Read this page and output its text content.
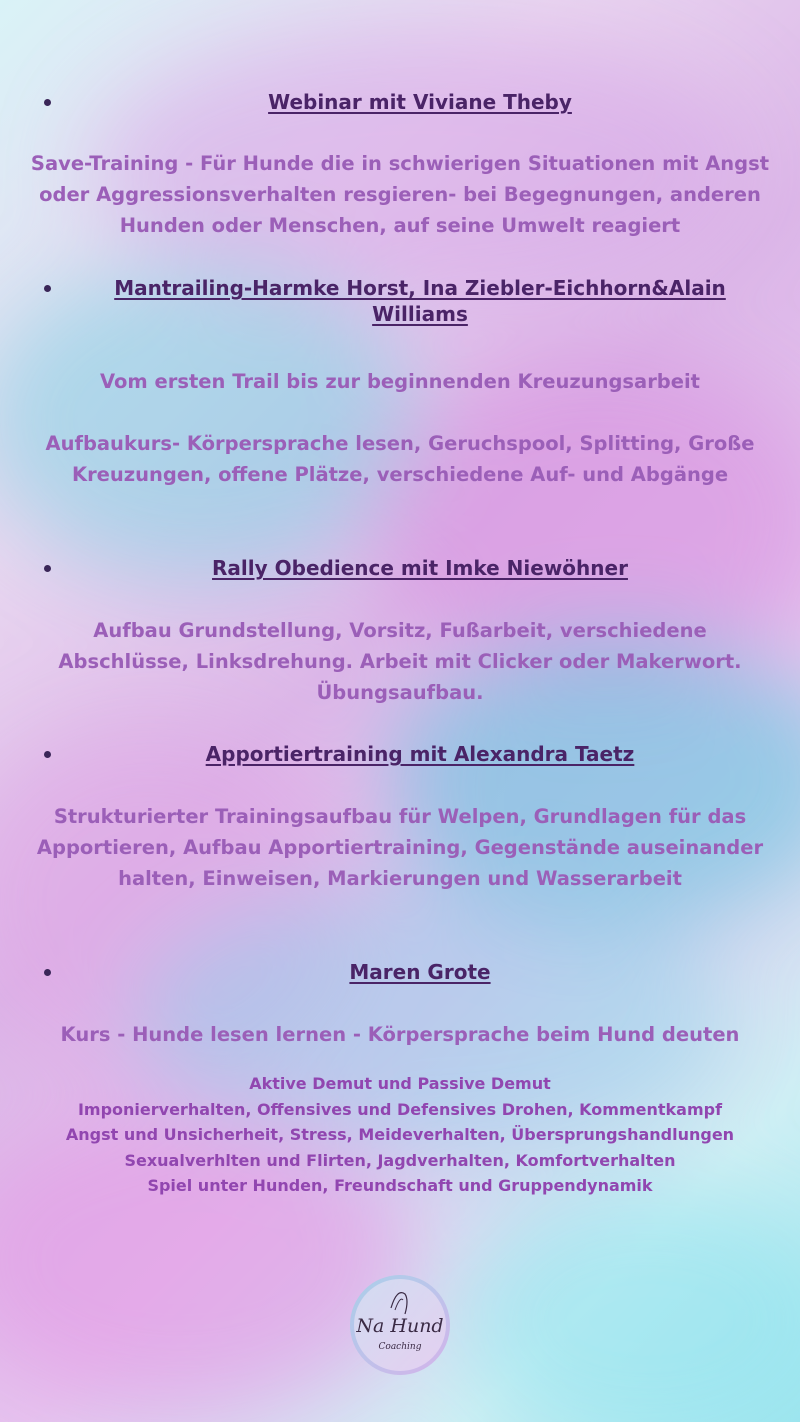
Webinar mit Viviane Theby
Save-Training - Für Hunde die in schwierigen Situationen mit Angst oder Aggressionsverhalten resgieren- bei Begegnungen, anderen Hunden oder Menschen, auf seine Umwelt reagiert
Mantrailing-Harmke Horst, Ina Ziebler-Eichhorn&Alain Williams
Vom ersten Trail bis zur beginnenden Kreuzungsarbeit
Aufbaukurs- Körpersprache lesen, Geruchspool, Splitting, Große Kreuzungen, offene Plätze, verschiedene Auf- und Abgänge
Rally Obedience mit Imke Niewöhner
Aufbau Grundstellung, Vorsitz, Fußarbeit, verschiedene Abschlüsse, Linksdrehung. Arbeit mit Clicker oder Makerwort. Übungsaufbau.
Apportiertraining mit Alexandra Taetz
Strukturierter Trainingsaufbau für Welpen, Grundlagen für das Apportieren, Aufbau Apportiertraining, Gegenstände auseinander halten, Einweisen, Markierungen und Wasserarbeit
Maren Grote
Kurs - Hunde lesen lernen - Körpersprache beim Hund deuten
Aktive Demut und Passive Demut
Imponierverhalten, Offensives und Defensives Drohen, Kommentkampf
Angst und Unsicherheit, Stress, Meideverhalten, Übersprungshandlungen
Sexualverhlten und Flirten, Jagdverhalten, Komfortverhalten
Spiel unter Hunden, Freundschaft und Gruppendynamik
Na Hund
Coaching
